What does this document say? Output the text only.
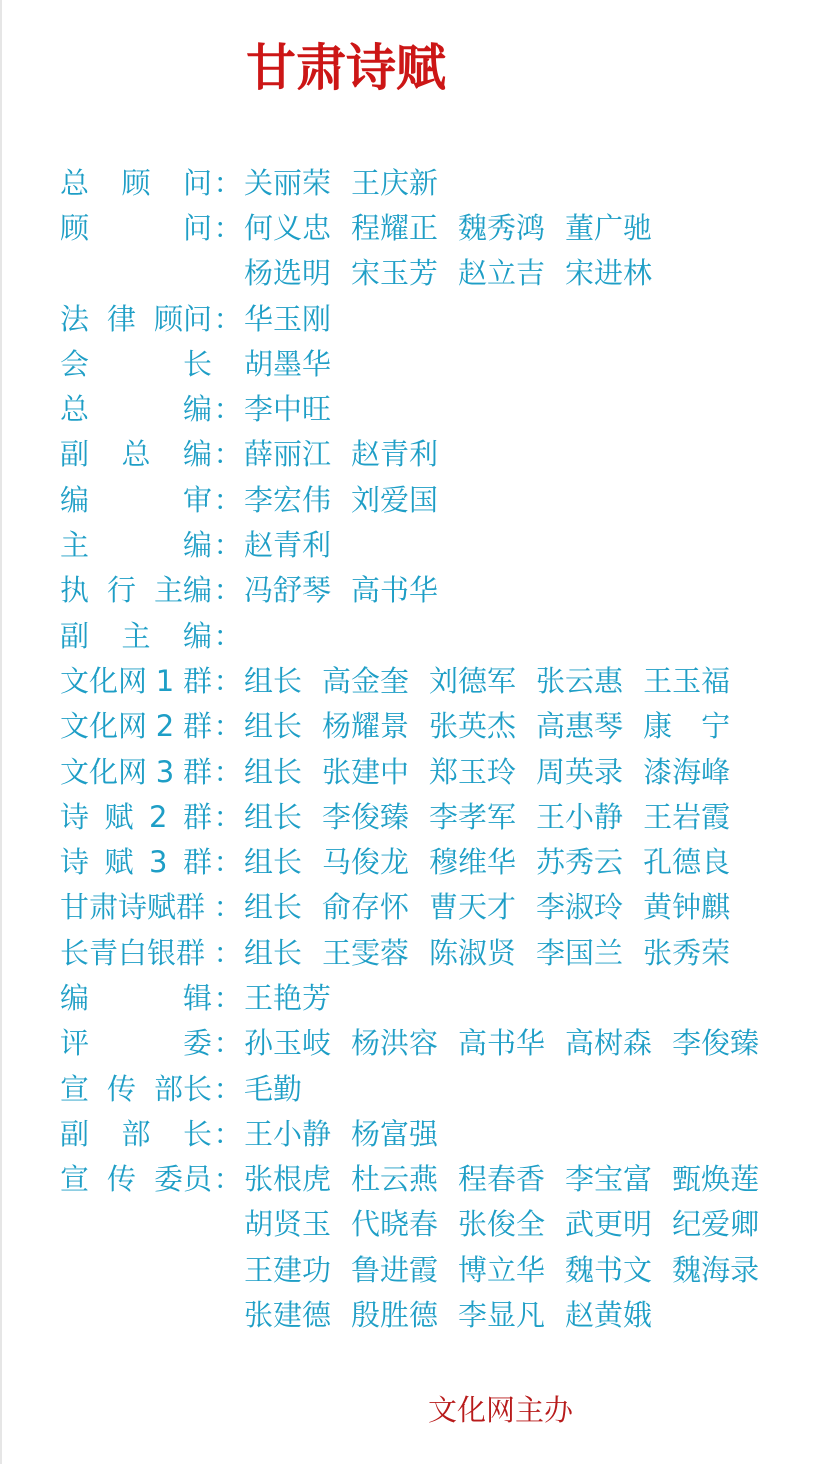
甘肃诗赋
总 顾 问 ： 关丽荣 王庆新
顾	问 ： 何义忠 程耀正 魏秀鸿 董广驰
杨选明 宋玉芳 赵立吉 宋进林
法 律 顾问 ： 华玉刚
会	长 胡墨华
总	编 ： 李中旺
副 总 编 ： 薛丽江 赵青利
编	审 ： 李宏伟 刘爱国
主	编 ： 赵青利
执 行 主编 ： 冯舒琴 高书华
副 主 编 ：
文化网 1 群 ： 组长 高金奎 刘德军 张云惠 王玉福
文化网 2 群 ： 组长 杨耀景 张英杰 高惠琴 康　宁
文化网 3 群 ： 组长 张建中 郑玉玲 周英录 漆海峰
诗 赋 2 群 ： 组长 李俊臻 李孝军 王小静 王岩霞
诗 赋 3 群 ： 组长 马俊龙 穆维华 苏秀云 孔德良
甘肃诗赋群 ： 组长 俞存怀 曹天才 李淑玲 黄钟麒
长青白银群 ： 组长 王雯蓉 陈淑贤 李国兰 张秀荣
编	辑 ： 王艳芳
评	委 ： 孙玉岐 杨洪容 高书华 高树森 李俊臻
宣 传 部长 ： 毛勤
副 部 长 ： 王小静 杨富强
宣 传 委员 ： 张根虎 杜云燕 程春香 李宝富 甄焕莲
胡贤玉 代晓春 张俊全 武更明 纪爱卿
王建功 鲁进霞 博立华 魏书文 魏海录
张建德 殷胜德 李显凡 赵黄娥
文化网主办
